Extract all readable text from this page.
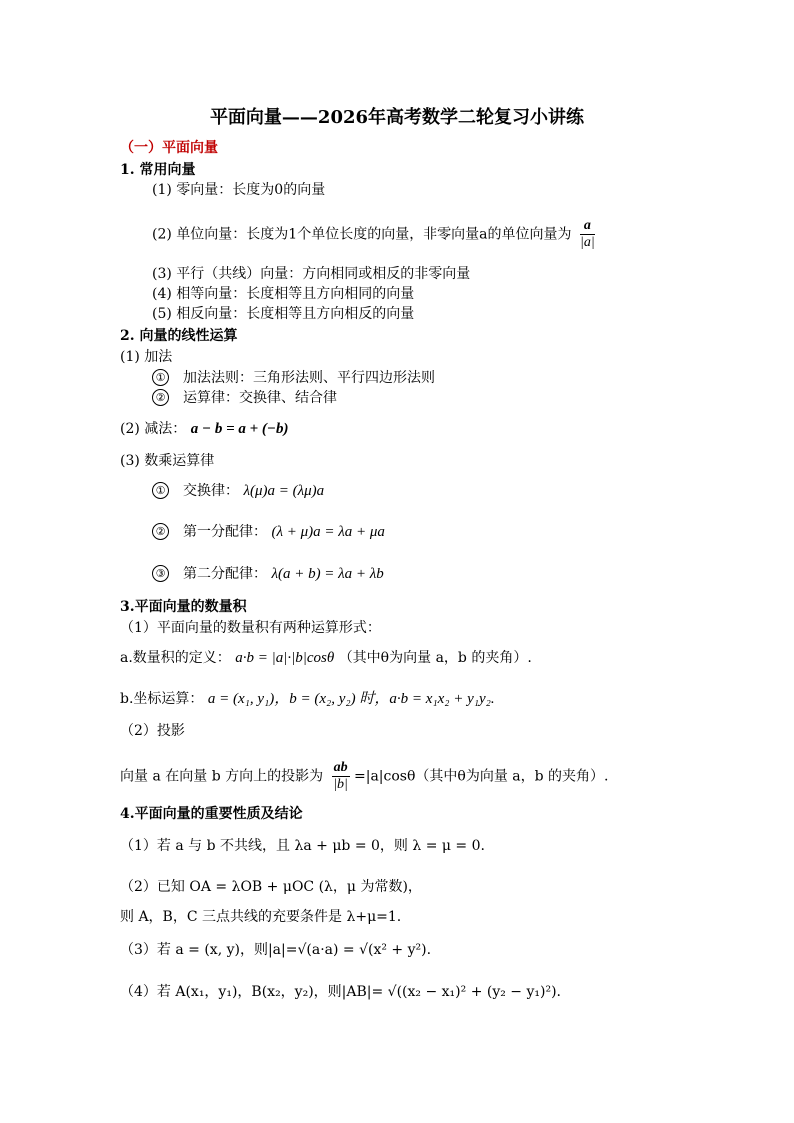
平面向量——2026年高考数学二轮复习小讲练
（一）平面向量
1. 常用向量
(1) 零向量：长度为0的向量
(2) 单位向量：长度为1个单位长度的向量，非零向量a的单位向量为 $\frac{a}{|a|}$
(3) 平行（共线）向量：方向相同或相反的非零向量
(4) 相等向量：长度相等且方向相同的向量
(5) 相反向量：长度相等且方向相反的向量
2. 向量的线性运算
(1) 加法
① 加法法则：三角形法则、平行四边形法则
② 运算律：交换律、结合律
(2) 减法： a − b = a + (−b)
(3) 数乘运算律
① 交换律： λ(μ)a = (λμ)a
② 第一分配律： (λ + μ)a = λa + μa
③ 第二分配律： λ(a + b) = λa + λb
3.平面向量的数量积
（1）平面向量的数量积有两种运算形式：
a.数量积的定义： a·b = |a|·|b|cosθ （其中θ为向量 a，b 的夹角）.
b.坐标运算： a = (x₁, y₁)，b = (x₂, y₂) 时，a·b = x₁x₂ + y₁y₂.
（2）投影
向量 a 在向量 b 方向上的投影为 $\frac{ab}{|b|} =|a|\cos\theta$（其中θ为向量 a，b 的夹角）.
4.平面向量的重要性质及结论
（1）若 a 与 b 不共线，且 λa + μb = 0，则 λ = μ = 0.
（2）已知 OA = λOB + μOC (λ，μ 为常数)，
则 A，B，C 三点共线的充要条件是 λ+μ=1.
（3）若 a = (x, y)，则|a|=√(a·a) = √(x² + y²).
（4）若 A(x₁，y₁)，B(x₂，y₂)，则|AB|= √((x₂ − x₁)² + (y₂ − y₁)²).
